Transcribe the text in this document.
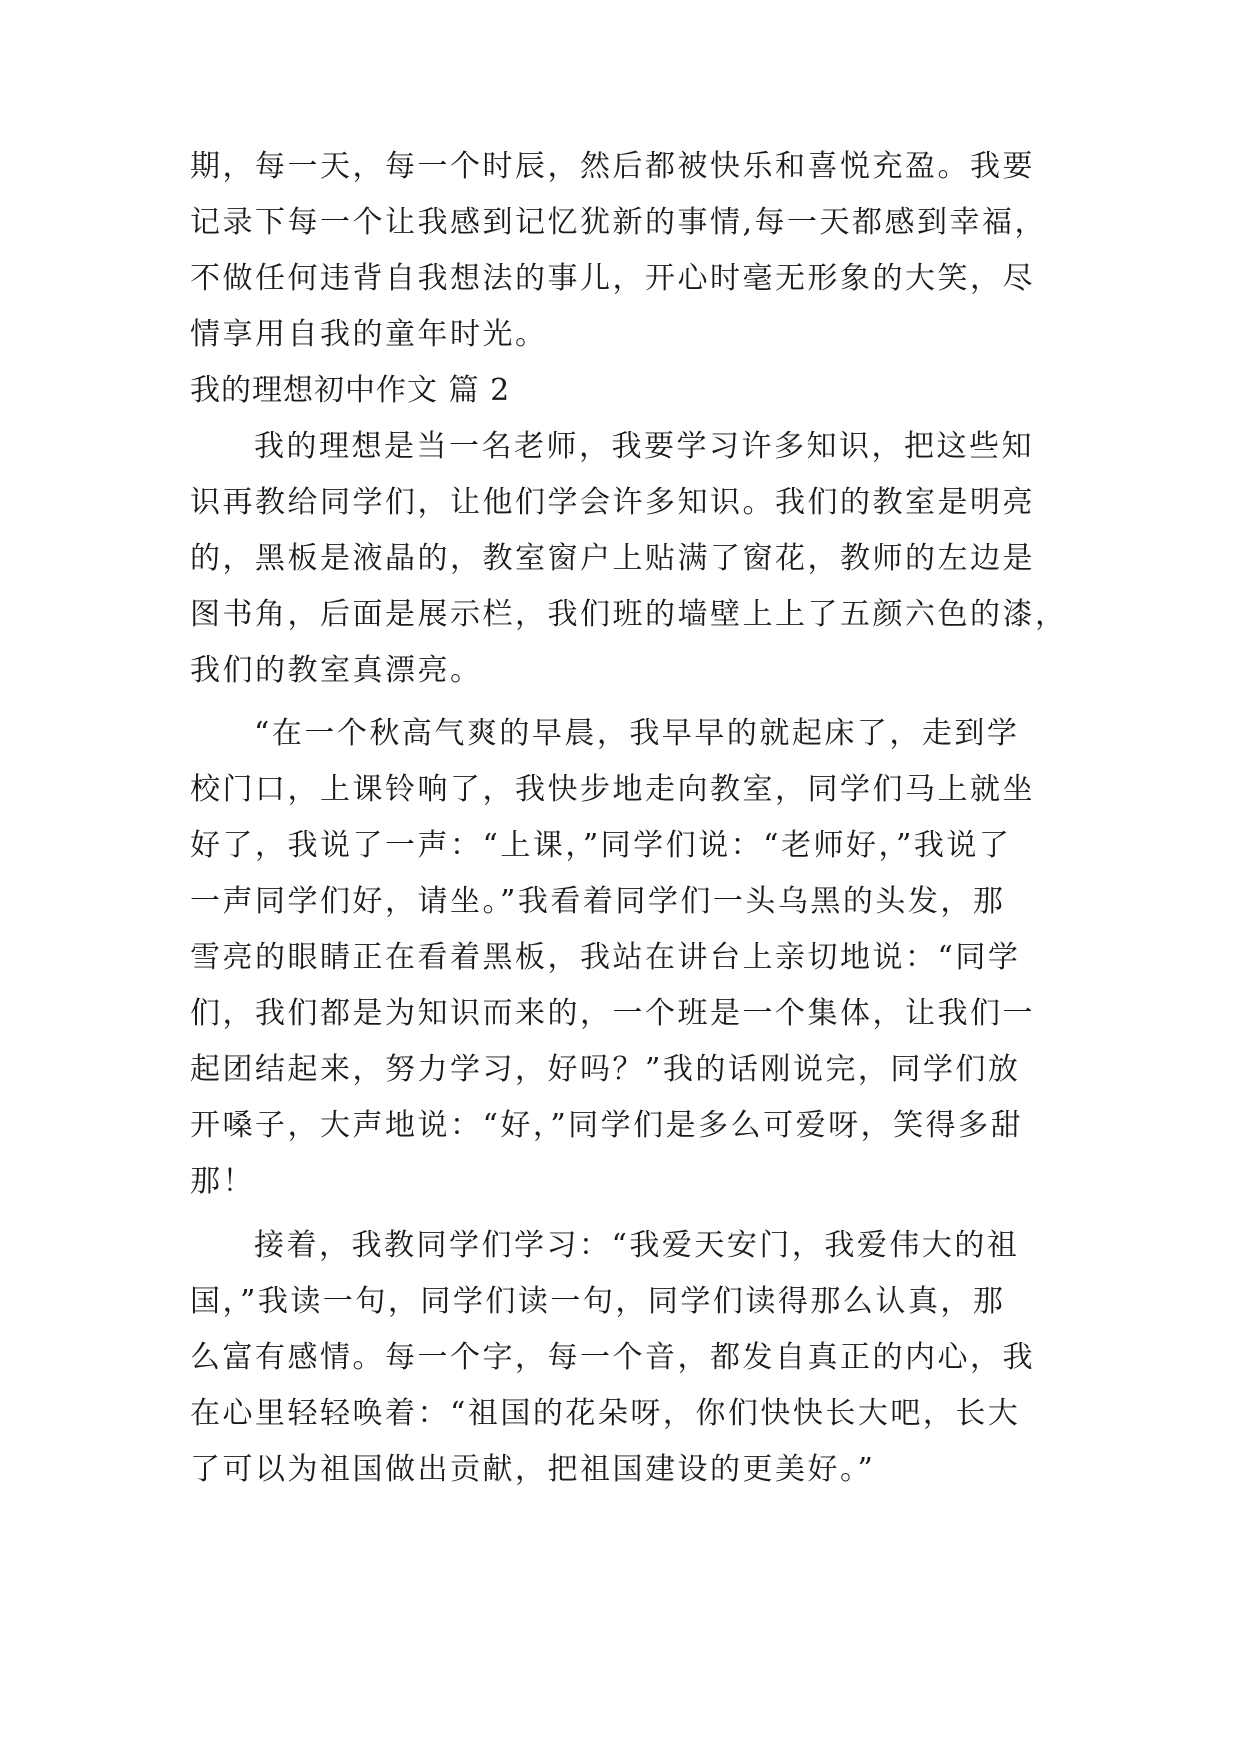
期，每一天，每一个时辰，然后都被快乐和喜悦充盈。我要
记录下每一个让我感到记忆犹新的事情,每一天都感到幸福，
不做任何违背自我想法的事儿，开心时毫无形象的大笑，尽
情享用自我的童年时光。
我的理想初中作文 篇 2
我的理想是当一名老师，我要学习许多知识，把这些知
识再教给同学们，让他们学会许多知识。我们的教室是明亮
的，黑板是液晶的，教室窗户上贴满了窗花，教师的左边是
图书角，后面是展示栏，我们班的墙壁上上了五颜六色的漆，
我们的教室真漂亮。
“在一个秋高气爽的早晨，我早早的就起床了，走到学
校门口，上课铃响了，我快步地走向教室，同学们马上就坐
好了，我说了一声：“上课，”同学们说：“老师好，”我说了
一声同学们好，请坐。”我看着同学们一头乌黑的头发，那
雪亮的眼睛正在看着黑板，我站在讲台上亲切地说：“同学
们，我们都是为知识而来的，一个班是一个集体，让我们一
起团结起来，努力学习，好吗？”我的话刚说完，同学们放
开嗓子，大声地说：“好，”同学们是多么可爱呀，笑得多甜
那！
接着，我教同学们学习：“我爱天安门，我爱伟大的祖
国，”我读一句，同学们读一句，同学们读得那么认真，那
么富有感情。每一个字，每一个音，都发自真正的内心，我
在心里轻轻唤着：“祖国的花朵呀，你们快快长大吧，长大
了可以为祖国做出贡献，把祖国建设的更美好。”
